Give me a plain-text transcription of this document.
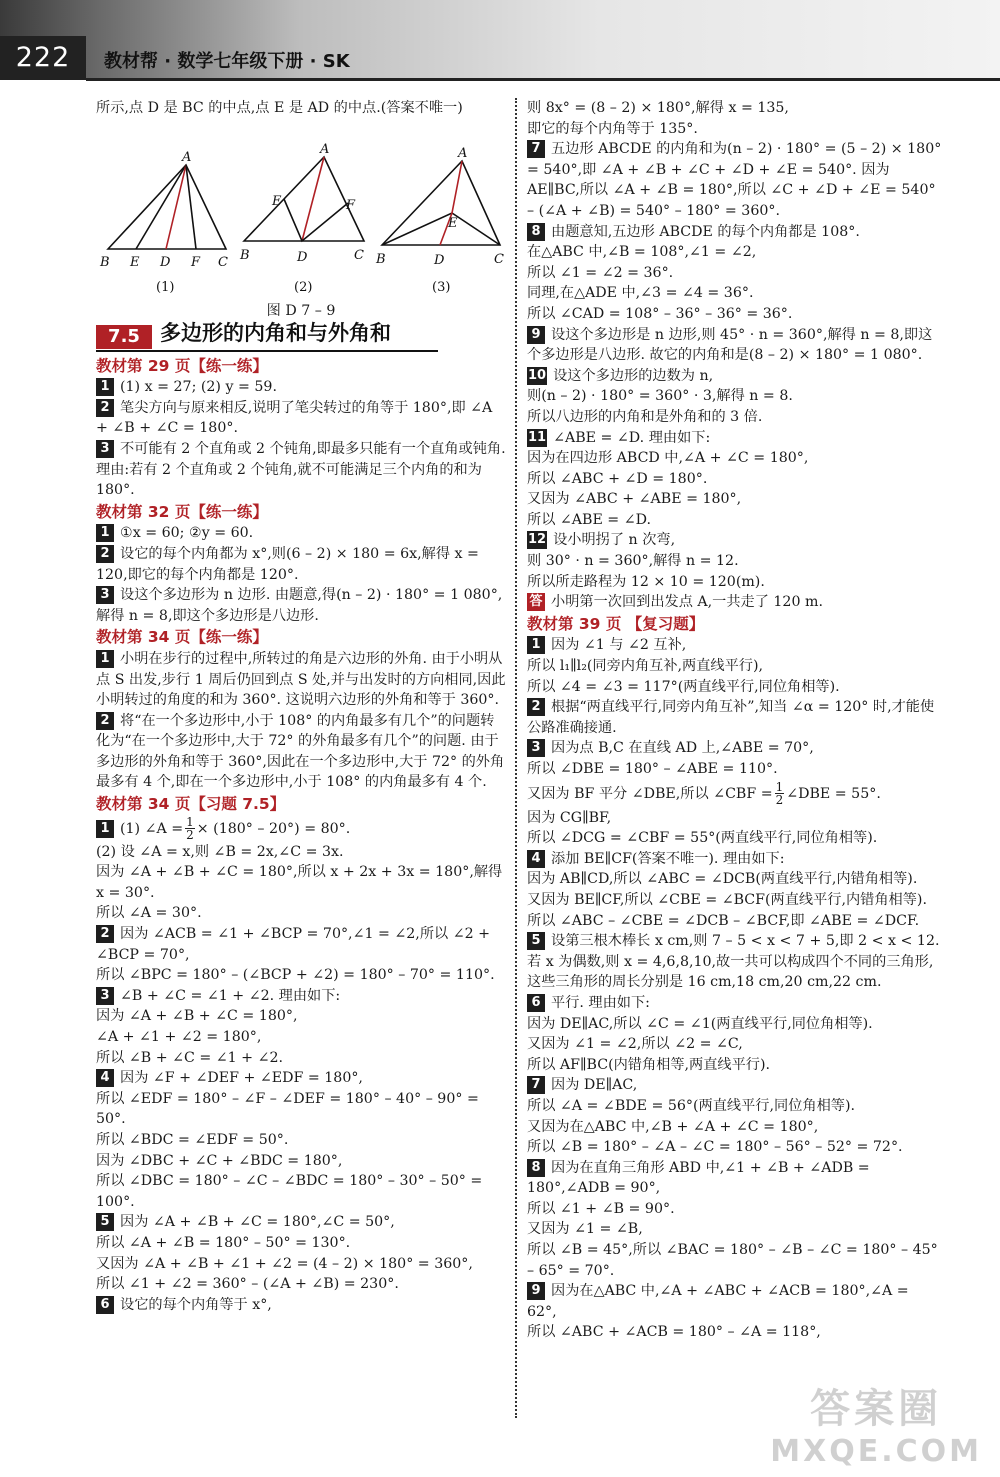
222	教材帮 · 数学七年级下册 · SK

所示,点 D 是 BC 的中点,点 E 是 AD 的中点.(答案不唯一)

A
B E D F C
A
E	F
B	D	C
A
E
B	D	C
(1)	(2)	(3)

图 D 7 – 9

7.5 多边形的内角和与外角和
教材第 29 页【练一练】

1 (1) x = 27; (2) y = 59.

2 笔尖方向与原来相反,说明了笔尖转过的角等于 180°,即 ∠A + ∠B + ∠C = 180°.

3 不可能有 2 个直角或 2 个钝角,即最多只能有一个直角或钝角.

理由:若有 2 个直角或 2 个钝角,就不可能满足三个内角的和为 180°.

教材第 32 页【练一练】

1 ①x = 60; ②y = 60.

2 设它的每个内角都为 x°,则(6 – 2) × 180 = 6x,解得 x = 120,即它的每个内角都是 120°.

3 设这个多边形为 n 边形. 由题意,得(n – 2) · 180° = 1 080°,解得 n = 8,即这个多边形是八边形.

教材第 34 页【练一练】

1 小明在步行的过程中,所转过的角是六边形的外角. 由于小明从点 S 出发,步行 1 周后仍回到点 S 处,并与出发时的方向相同,因此小明转过的角度的和为 360°. 这说明六边形的外角和等于 360°.

2 将“在一个多边形中,小于 108° 的内角最多有几个”的问题转化为“在一个多边形中,大于 72° 的外角最多有几个”的问题. 由于多边形的外角和等于 360°,因此在一个多边形中,大于 72° 的外角最多有 4 个,即在一个多边形中,小于 108° 的内角最多有 4 个.

教材第 34 页【习题 7.5】

1 (1) ∠A = $\frac{1}{2} \times (180^\circ - 20^\circ) = 80^\circ$.

(2) 设 ∠A = x,则 ∠B = 2x,∠C = 3x.

因为 ∠A + ∠B + ∠C = 180°,所以 x + 2x + 3x = 180°,解得 x = 30°.

所以 ∠A = 30°.

2 因为 ∠ACB = ∠1 + ∠BCP = 70°,∠1 = ∠2,所以 ∠2 + ∠BCP = 70°,

所以 ∠BPC = 180° – (∠BCP + ∠2) = 180° – 70° = 110°.

3 ∠B + ∠C = ∠1 + ∠2. 理由如下:

因为 ∠A + ∠B + ∠C = 180°,

∠A + ∠1 + ∠2 = 180°,

所以 ∠B + ∠C = ∠1 + ∠2.

4 因为 ∠F + ∠DEF + ∠EDF = 180°,

所以 ∠EDF = 180° – ∠F – ∠DEF = 180° – 40° – 90° = 50°.

所以 ∠BDC = ∠EDF = 50°.

因为 ∠DBC + ∠C + ∠BDC = 180°,

所以 ∠DBC = 180° – ∠C – ∠BDC = 180° – 30° – 50° = 100°.

5 因为 ∠A + ∠B + ∠C = 180°,∠C = 50°,

所以 ∠A + ∠B = 180° – 50° = 130°.

又因为 ∠A + ∠B + ∠1 + ∠2 = (4 – 2) × 180° = 360°,

所以 ∠1 + ∠2 = 360° – (∠A + ∠B) = 230°.

6 设它的每个内角等于 x°,

则 8x° = (8 – 2) × 180°,解得 x = 135,

即它的每个内角等于 135°.

7 五边形 ABCDE 的内角和为(n – 2) · 180° = (5 – 2) × 180° = 540°,即 ∠A + ∠B + ∠C + ∠D + ∠E = 540°. 因为 AE∥BC,所以 ∠A + ∠B = 180°,所以 ∠C + ∠D + ∠E = 540° – (∠A + ∠B) = 540° – 180° = 360°.

8 由题意知,五边形 ABCDE 的每个内角都是 108°.

在△ABC 中,∠B = 108°,∠1 = ∠2,

所以 ∠1 = ∠2 = 36°.

同理,在△ADE 中,∠3 = ∠4 = 36°.

所以 ∠CAD = 108° – 36° – 36° = 36°.

9 设这个多边形是 n 边形,则 45° · n = 360°,解得 n = 8,即这个多边形是八边形. 故它的内角和是(8 – 2) × 180° = 1 080°.

10 设这个多边形的边数为 n,

则(n – 2) · 180° = 360° · 3,解得 n = 8.

所以八边形的内角和是外角和的 3 倍.

11 ∠ABE = ∠D. 理由如下:

因为在四边形 ABCD 中,∠A + ∠C = 180°,

所以 ∠ABC + ∠D = 180°.

又因为 ∠ABC + ∠ABE = 180°,

所以 ∠ABE = ∠D.

12 设小明拐了 n 次弯,

则 30° · n = 360°,解得 n = 12.

所以所走路程为 12 × 10 = 120(m).

答 小明第一次回到出发点 A,一共走了 120 m.

教材第 39 页 【复习题】

1 因为 ∠1 与 ∠2 互补,

所以 l₁∥l₂(同旁内角互补,两直线平行),

所以 ∠4 = ∠3 = 117°(两直线平行,同位角相等).

2 根据“两直线平行,同旁内角互补”,知当 ∠α = 120° 时,才能使公路准确接通.

3 因为点 B,C 在直线 AD 上,∠ABE = 70°,

所以 ∠DBE = 180° – ∠ABE = 110°.

又因为 BF 平分 ∠DBE,所以 ∠CBF = $\frac{1}{2}$ ∠DBE = 55°.

因为 CG∥BF,

所以 ∠DCG = ∠CBF = 55°(两直线平行,同位角相等).

4 添加 BE∥CF(答案不唯一). 理由如下:

因为 AB∥CD,所以 ∠ABC = ∠DCB(两直线平行,内错角相等).

又因为 BE∥CF,所以 ∠CBE = ∠BCF(两直线平行,内错角相等).

所以 ∠ABC – ∠CBE = ∠DCB – ∠BCF,即 ∠ABE = ∠DCF.

5 设第三根木棒长 x cm,则 7 – 5 < x < 7 + 5,即 2 < x < 12. 若 x 为偶数,则 x = 4,6,8,10,故一共可以构成四个不同的三角形,这些三角形的周长分别是 16 cm,18 cm,20 cm,22 cm.

6 平行. 理由如下:

因为 DE∥AC,所以 ∠C = ∠1(两直线平行,同位角相等).

又因为 ∠1 = ∠2,所以 ∠2 = ∠C,

所以 AF∥BC(内错角相等,两直线平行).

7 因为 DE∥AC,

所以 ∠A = ∠BDE = 56°(两直线平行,同位角相等).

又因为在△ABC 中,∠B + ∠A + ∠C = 180°,

所以 ∠B = 180° – ∠A – ∠C = 180° – 56° – 52° = 72°.

8 因为在直角三角形 ABD 中,∠1 + ∠B + ∠ADB = 180°,∠ADB = 90°,

所以 ∠1 + ∠B = 90°.

又因为 ∠1 = ∠B,

所以 ∠B = 45°,所以 ∠BAC = 180° – ∠B – ∠C = 180° – 45° – 65° = 70°.

9 因为在△ABC 中,∠A + ∠ABC + ∠ACB = 180°,∠A = 62°,

所以 ∠ABC + ∠ACB = 180° – ∠A = 118°,

答案圈
MXQE.COM
